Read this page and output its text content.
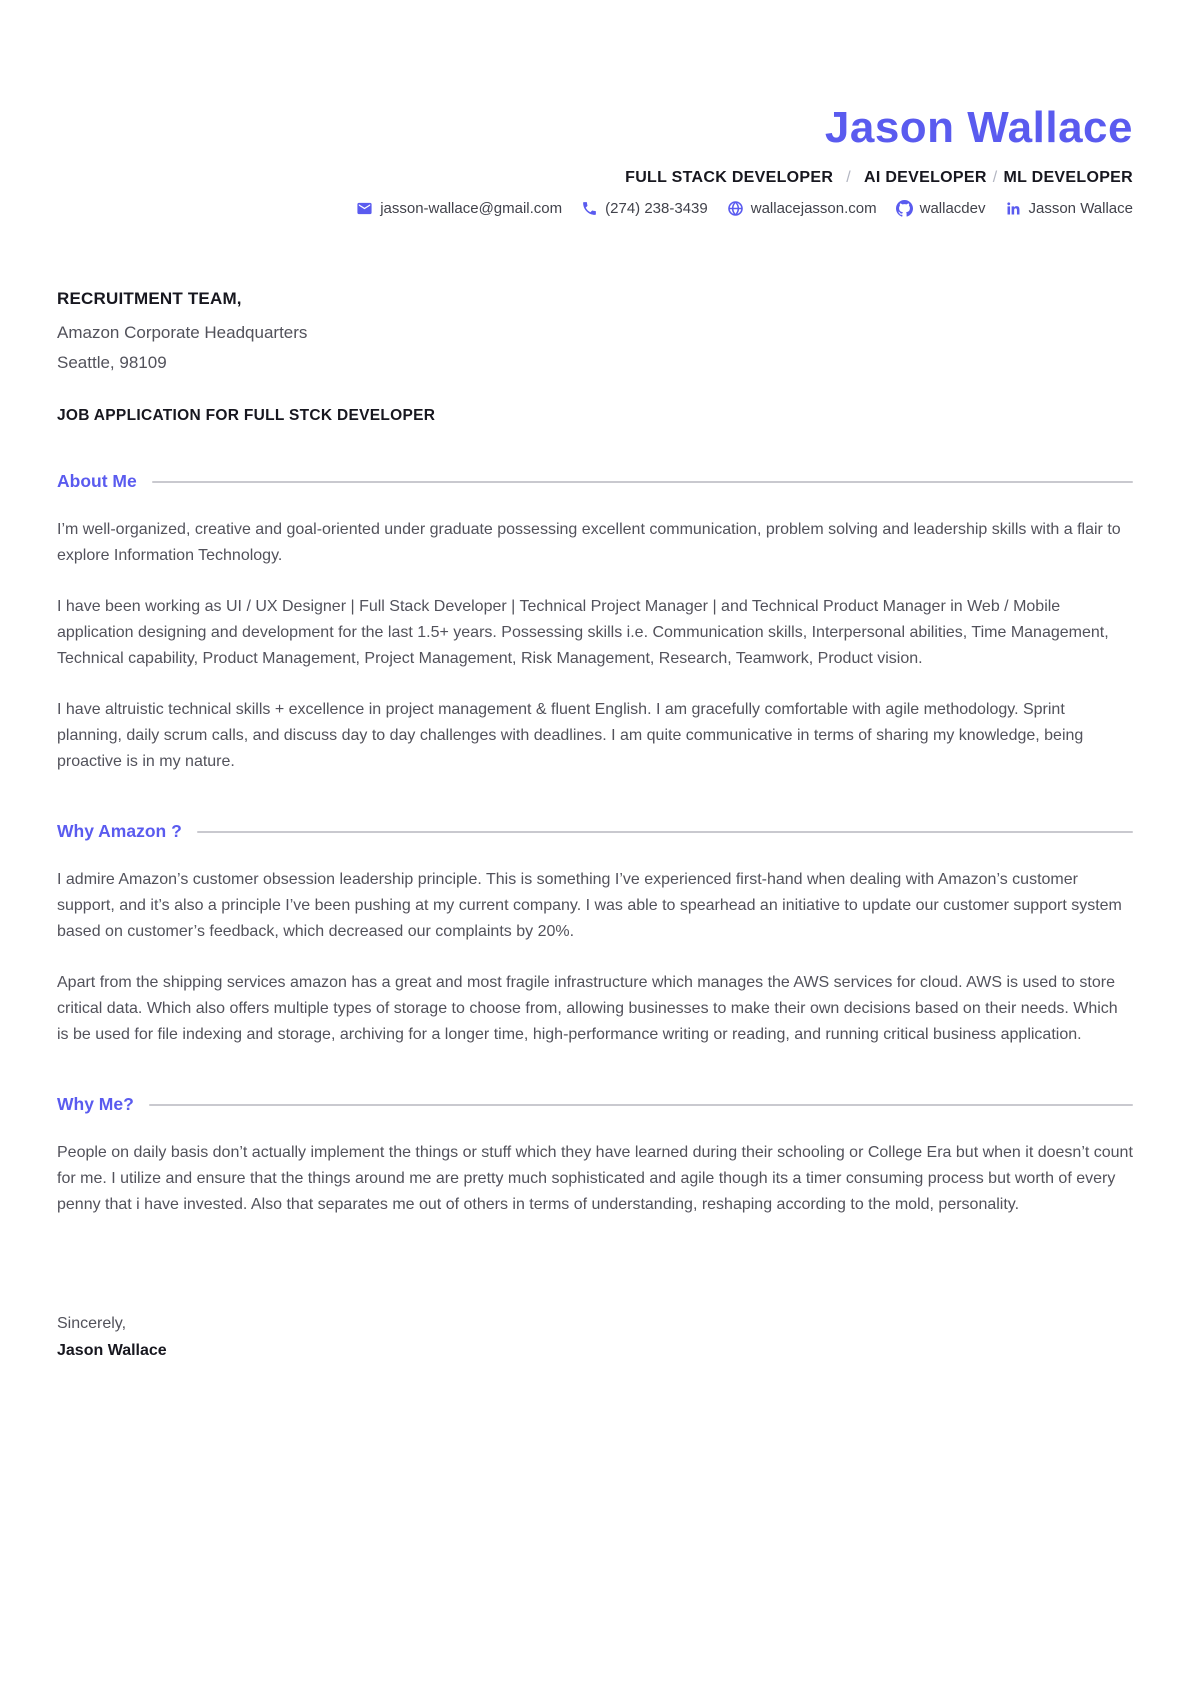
Jason Wallace
FULL STACK DEVELOPER / AI DEVELOPER / ML DEVELOPER
jasson-wallace@gmail.com	(274) 238-3439	wallacejasson.com	wallacdev	Jasson Wallace
RECRUITMENT TEAM,
Amazon Corporate Headquarters
Seattle, 98109
JOB APPLICATION FOR FULL STCK DEVELOPER
About Me

I’m well-organized, creative and goal-oriented under graduate possessing excellent communication, problem solving and leadership skills with a flair to explore Information Technology.

I have been working as UI / UX Designer | Full Stack Developer | Technical Project Manager | and Technical Product Manager in Web / Mobile application designing and development for the last 1.5+ years. Possessing skills i.e. Communication skills, Interpersonal abilities, Time Management, Technical capability, Product Management, Project Management, Risk Management, Research, Teamwork, Product vision.

I have altruistic technical skills + excellence in project management & fluent English. I am gracefully comfortable with agile methodology. Sprint planning, daily scrum calls, and discuss day to day challenges with deadlines. I am quite communicative in terms of sharing my knowledge, being proactive is in my nature.

Why Amazon ?

I admire Amazon’s customer obsession leadership principle. This is something I’ve experienced first-hand when dealing with Amazon’s customer support, and it’s also a principle I’ve been pushing at my current company. I was able to spearhead an initiative to update our customer support system based on customer’s feedback, which decreased our complaints by 20%.

Apart from the shipping services amazon has a great and most fragile infrastructure which manages the AWS services for cloud. AWS is used to store critical data. Which also offers multiple types of storage to choose from, allowing businesses to make their own decisions based on their needs. Which is be used for file indexing and storage, archiving for a longer time, high-performance writing or reading, and running critical business application.

Why Me?

People on daily basis don’t actually implement the things or stuff which they have learned during their schooling or College Era but when it doesn’t count for me. I utilize and ensure that the things around me are pretty much sophisticated and agile though its a timer consuming process but worth of every penny that i have invested. Also that separates me out of others in terms of understanding, reshaping according to the mold, personality.

Sincerely,
Jason Wallace
